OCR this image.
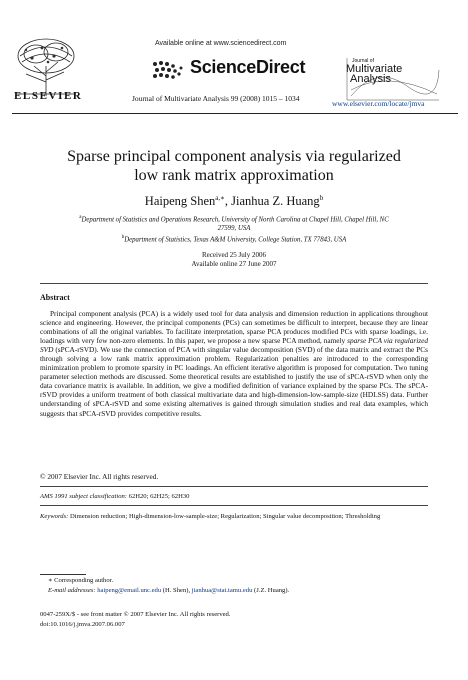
ELSEVIER
Available online at www.sciencedirect.com
ScienceDirect
Journal of Multivariate Analysis 99 (2008) 1015 – 1034
Journal of
Multivariate
Analysis
www.elsevier.com/locate/jmva
Sparse principal component analysis via regularized
low rank matrix approximation
Haipeng Shen$^{a,∗}$, Jianhua Z. Huang$^b$
$^a$Department of Statistics and Operations Research, University of North Carolina at Chapel Hill, Chapel Hill, NC
27599, USA
$^b$Department of Statistics, Texas A&M University, College Station, TX 77843, USA
Received 25 July 2006
Available online 27 June 2007
Abstract

Principal component analysis (PCA) is a widely used tool for data analysis and dimension reduction in applications throughout science and engineering. However, the principal components (PCs) can sometimes be difficult to interpret, because they are linear combinations of all the original variables. To facilitate interpretation, sparse PCA produces modified PCs with sparse loadings, i.e. loadings with very few non-zero elements. In this paper, we propose a new sparse PCA method, namely sparse PCA via regularized SVD (sPCA-rSVD). We use the connection of PCA with singular value decomposition (SVD) of the data matrix and extract the PCs through solving a low rank matrix approximation problem. Regularization penalties are introduced to the corresponding minimization problem to promote sparsity in PC loadings. An efficient iterative algorithm is proposed for computation. Two tuning parameter selection methods are discussed. Some theoretical results are established to justify the use of sPCA-rSVD when only the data covariance matrix is available. In addition, we give a modified definition of variance explained by the sparse PCs. The sPCA-rSVD provides a uniform treatment of both classical multivariate data and high-dimension-low-sample-size (HDLSS) data. Further understanding of sPCA-rSVD and some existing alternatives is gained through simulation studies and real data examples, which suggests that sPCA-rSVD provides competitive results.

© 2007 Elsevier Inc. All rights reserved.
AMS 1991 subject classification: 62H20; 62H25; 62H30
Keywords: Dimension reduction; High-dimension-low-sample-size; Regularization; Singular value decomposition; Thresholding
∗ Corresponding author.
E-mail addresses: haipeng@email.unc.edu (H. Shen), jianhua@stat.tamu.edu (J.Z. Huang).
0047-259X/$ - see front matter © 2007 Elsevier Inc. All rights reserved.
doi:10.1016/j.jmva.2007.06.007
